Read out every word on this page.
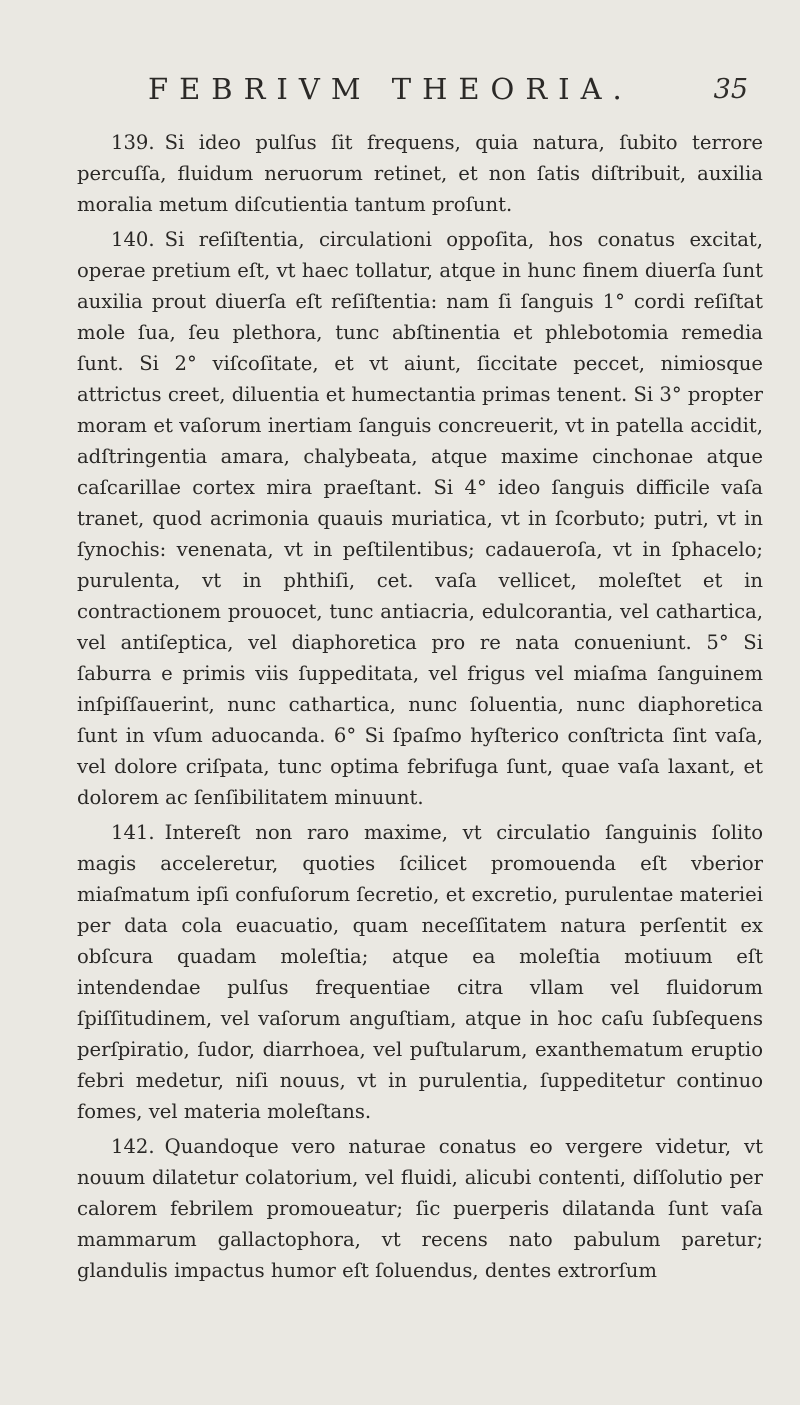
FEBRIVM THEORIA.	35

139. Si ideo pulſus ſit frequens, quia natura, ſubito terrore percuſſa, fluidum neruorum retinet, et non ſatis diſtribuit, auxilia moralia metum diſcutientia tantum proſunt.

140. Si reſiſtentia, circulationi oppoſita, hos conatus excitat, operae pretium eſt, vt haec tollatur, atque in hunc finem diuerſa ſunt auxilia prout diuerſa eſt reſiſtentia: nam ſi ſanguis 1° cordi reſiſtat mole ſua, ſeu plethora, tunc abſtinentia et phlebotomia remedia ſunt. Si 2° viſcoſitate, et vt aiunt, ſiccitate peccet, nimiosque attrictus creet, diluentia et humectantia primas tenent. Si 3° propter moram et vaſorum inertiam ſanguis concreuerit, vt in patella accidit, adſtringentia amara, chalybeata, atque maxime cinchonae atque caſcarillae cortex mira praeſtant. Si 4° ideo ſanguis difficile vaſa tranet, quod acrimonia quauis muriatica, vt in ſcorbuto; putri, vt in ſynochis: venenata, vt in peſtilentibus; cadaueroſa, vt in ſphacelo; purulenta, vt in phthiſi, cet. vaſa vellicet, moleſtet et in contractionem prouocet, tunc antiacria, edulcorantia, vel cathartica, vel antiſeptica, vel diaphoretica pro re nata conueniunt. 5° Si ſaburra e primis viis ſuppeditata, vel frigus vel miaſma ſanguinem inſpiſſauerint, nunc cathartica, nunc ſoluentia, nunc diaphoretica ſunt in vſum aduocanda. 6° Si ſpaſmo hyſterico conſtricta ſint vaſa, vel dolore criſpata, tunc optima febrifuga ſunt, quae vaſa laxant, et dolorem ac ſenſibilitatem minuunt.

141. Intereſt non raro maxime, vt circulatio ſanguinis ſolito magis acceleretur, quoties ſcilicet promouenda eſt vberior miaſmatum ipſi confuſorum ſecretio, et excretio, purulentae materiei per data cola euacuatio, quam neceſſitatem natura perſentit ex obſcura quadam moleſtia; atque ea moleſtia motiuum eſt intendendae pulſus frequentiae citra vllam vel fluidorum ſpiſſitudinem, vel vaſorum anguſtiam, atque in hoc caſu ſubſequens perſpiratio, ſudor, diarrhoea, vel puſtularum, exanthematum eruptio febri medetur, niſi nouus, vt in purulentia, ſuppeditetur continuo fomes, vel materia moleſtans.

142. Quandoque vero naturae conatus eo vergere videtur, vt nouum dilatetur colatorium, vel fluidi, alicubi contenti, diſſolutio per calorem febrilem promoueatur; ſic puerperis dilatanda ſunt vaſa mammarum gallactophora, vt recens nato pabulum paretur; glandulis impactus humor eſt ſoluendus, dentes extrorſum
